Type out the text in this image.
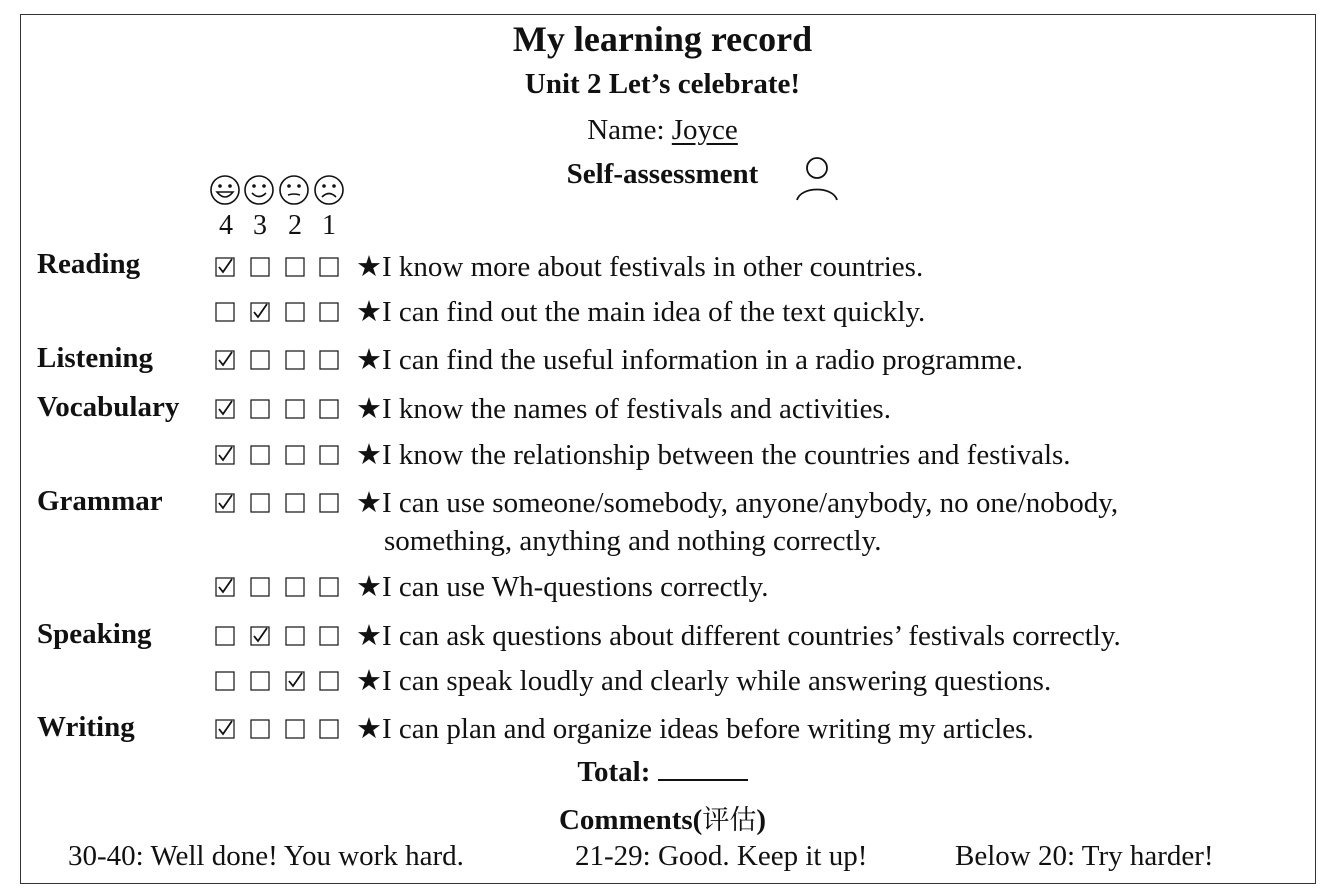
My learning record
Unit 2 Let’s celebrate!
Name: Joyce
Self-assessment
4 3 2 1
Reading
Listening
Vocabulary
Grammar
Speaking
Writing
★I know more about festivals in other countries.
★I can find out the main idea of the text quickly.
★I can find the useful information in a radio programme.
★I know the names of festivals and activities.
★I know the relationship between the countries and festivals.
★I can use someone/somebody, anyone/anybody, no one/nobody,
something, anything and nothing correctly.
★I can use Wh-questions correctly.
★I can ask questions about different countries’ festivals correctly.
★I can speak loudly and clearly while answering questions.
★I can plan and organize ideas before writing my articles.
Total:
Comments(评估)
30-40: Well done! You work hard.	21-29: Good. Keep it up!	Below 20: Try harder!
